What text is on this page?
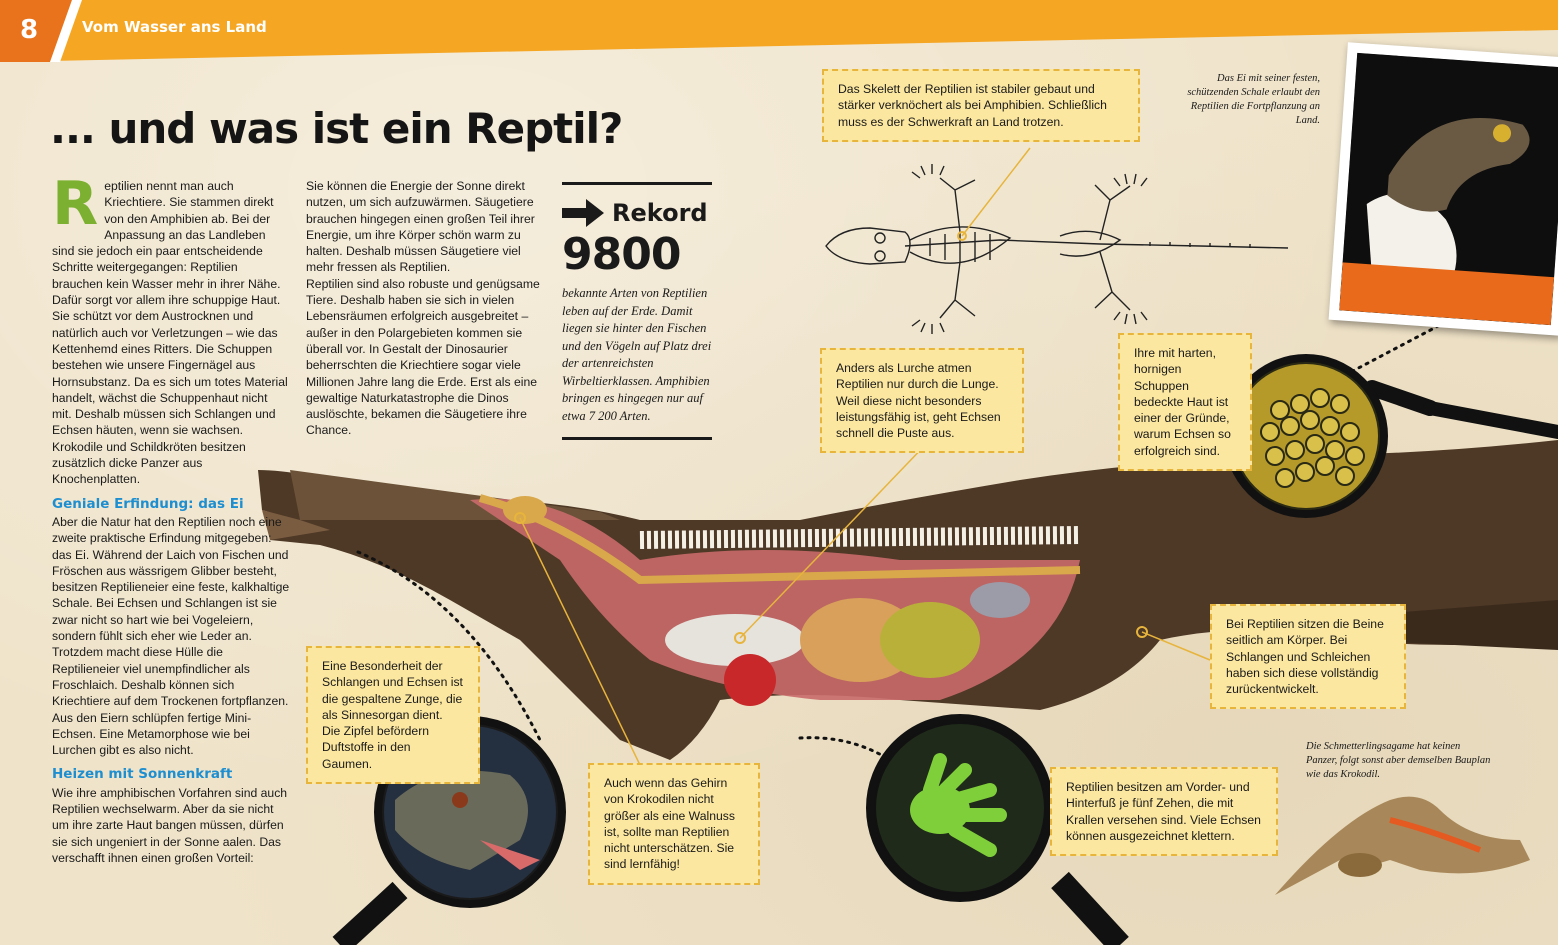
8	Vom Wasser ans Land
... und was ist ein Reptil?

Reptilien nennt man auch Kriechtiere. Sie stammen direkt von den Amphibien ab. Bei der Anpassung an das Landleben sind sie jedoch ein paar entscheidende Schritte weitergegangen: Reptilien brauchen kein Wasser mehr in ihrer Nähe. Dafür sorgt vor allem ihre schuppige Haut. Sie schützt vor dem Austrocknen und natürlich auch vor Verletzungen – wie das Kettenhemd eines Ritters. Die Schuppen bestehen wie unsere Fingernägel aus Hornsubstanz. Da es sich um totes Material handelt, wächst die Schuppenhaut nicht mit. Deshalb müssen sich Schlangen und Echsen häuten, wenn sie wachsen. Krokodile und Schildkröten besitzen zusätzlich dicke Panzer aus Knochenplatten.

Geniale Erfindung: das Ei

Aber die Natur hat den Reptilien noch eine zweite praktische Erfindung mitgegeben: das Ei. Während der Laich von Fischen und Fröschen aus wässrigem Glibber besteht, besitzen Reptilieneier eine feste, kalkhaltige Schale. Bei Echsen und Schlangen ist sie zwar nicht so hart wie bei Vogeleiern, sondern fühlt sich eher wie Leder an. Trotzdem macht diese Hülle die Reptilieneier viel unempfindlicher als Froschlaich. Deshalb können sich Kriechtiere auf dem Trockenen fortpflanzen. Aus den Eiern schlüpfen fertige Mini-Echsen. Eine Metamorphose wie bei Lurchen gibt es also nicht.

Heizen mit Sonnenkraft

Wie ihre amphibischen Vorfahren sind auch Reptilien wechselwarm. Aber da sie nicht um ihre zarte Haut bangen müssen, dürfen sie sich ungeniert in der Sonne aalen. Das verschafft ihnen einen großen Vorteil:

Sie können die Energie der Sonne direkt nutzen, um sich aufzuwärmen. Säugetiere brauchen hingegen einen großen Teil ihrer Energie, um ihre Körper schön warm zu halten. Deshalb müssen Säugetiere viel mehr fressen als Reptilien.

Reptilien sind also robuste und genügsame Tiere. Deshalb haben sie sich in vielen Lebensräumen erfolgreich ausgebreitet – außer in den Polargebieten kommen sie überall vor. In Gestalt der Dinosaurier beherrschten die Kriechtiere sogar viele Millionen Jahre lang die Erde. Erst als eine gewaltige Naturkatastrophe die Dinos auslöschte, bekamen die Säugetiere ihre Chance.

Rekord
9800
bekannte Arten von Reptilien leben auf der Erde. Damit liegen sie hinter den Fischen und den Vögeln auf Platz drei der artenreichsten Wirbeltierklassen. Amphibien bringen es hingegen nur auf etwa 7 200 Arten.
Das Skelett der Reptilien ist stabiler gebaut und stärker verknöchert als bei Amphibien. Schließlich muss es der Schwerkraft an Land trotzen.
Anders als Lurche atmen Reptilien nur durch die Lunge. Weil diese nicht besonders leistungsfähig ist, geht Echsen schnell die Puste aus.
Ihre mit harten, hornigen Schuppen bedeckte Haut ist einer der Gründe, warum Echsen so erfolgreich sind.
Bei Reptilien sitzen die Beine seitlich am Körper. Bei Schlangen und Schleichen haben sich diese vollständig zurückentwickelt.
Eine Besonderheit der Schlangen und Echsen ist die gespaltene Zunge, die als Sinnesorgan dient. Die Zipfel befördern Duftstoffe in den Gaumen.
Auch wenn das Gehirn von Krokodilen nicht größer als eine Walnuss ist, sollte man Reptilien nicht unterschätzen. Sie sind lernfähig!
Reptilien besitzen am Vorder- und Hinterfuß je fünf Zehen, die mit Krallen versehen sind. Viele Echsen können ausgezeichnet klettern.
Das Ei mit seiner festen, schützenden Schale erlaubt den Reptilien die Fortpflanzung an Land.
Die Schmetterlingsagame hat keinen Panzer, folgt sonst aber demselben Bauplan wie das Krokodil.
